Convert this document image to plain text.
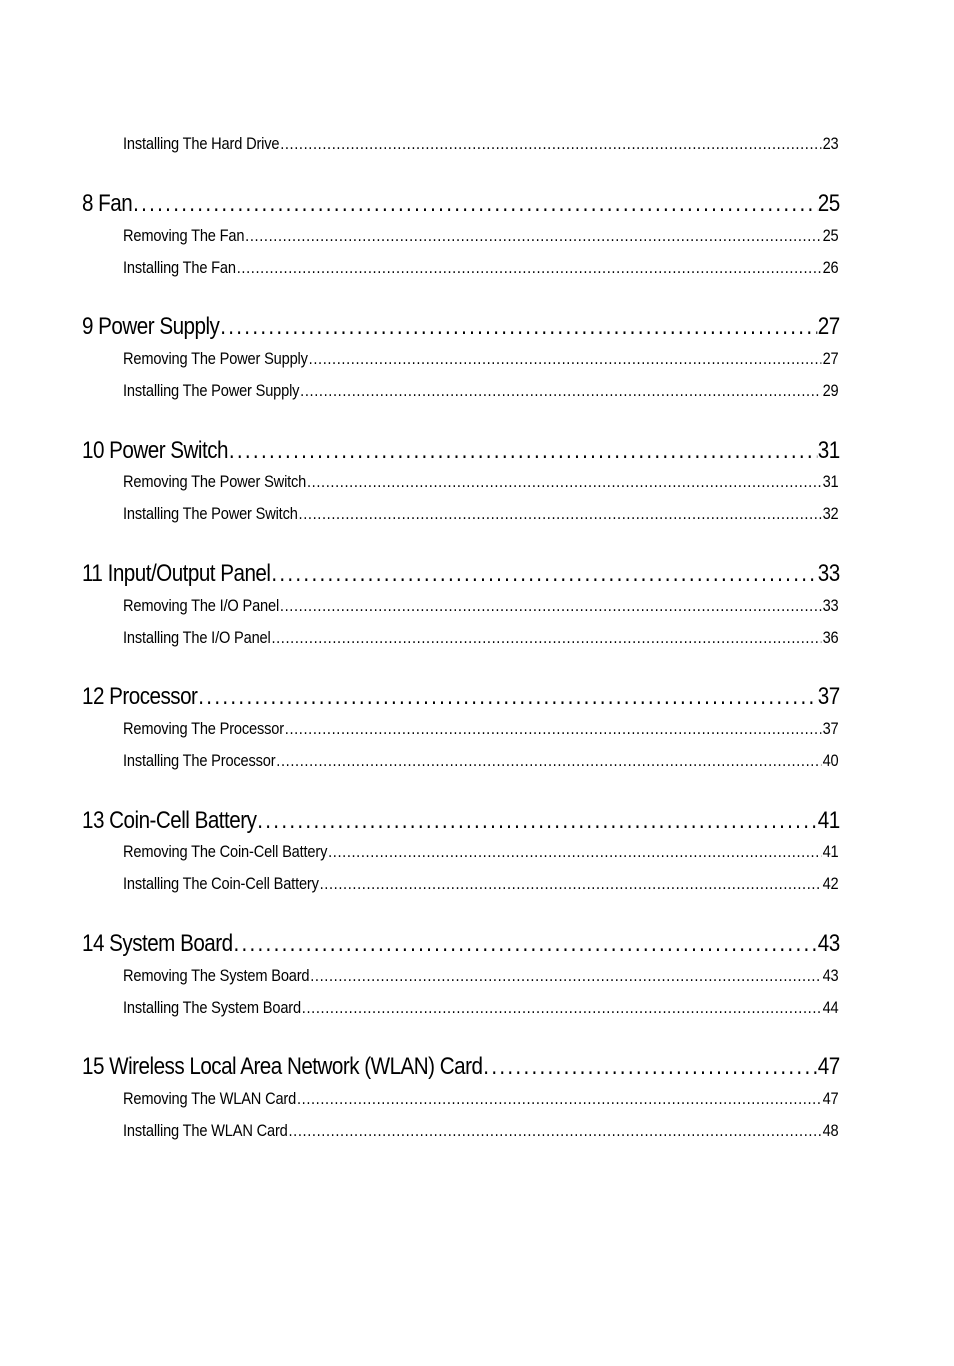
Installing The Hard Drive . . .	23
8 Fan . . .	25
Removing The Fan . . .	25
Installing The Fan . . .	26
9 Power Supply . . .	27
Removing The Power Supply . . .	27
Installing The Power Supply . . .	29
10 Power Switch . . .	31
Removing The Power Switch . . .	31
Installing The Power Switch . . .	32
11 Input/Output Panel . . .	33
Removing The I/O Panel . . .	33
Installing The I/O Panel . . .	36
12 Processor . . .	37
Removing The Processor . . .	37
Installing The Processor . . .	40
13 Coin-Cell Battery . . .	41
Removing The Coin-Cell Battery . . .	41
Installing The Coin-Cell Battery . . .	42
14 System Board . . .	43
Removing The System Board . . .	43
Installing The System Board . . .	44
15 Wireless Local Area Network (WLAN) Card . . .	47
Removing The WLAN Card . . .	47
Installing The WLAN Card . . .	48
